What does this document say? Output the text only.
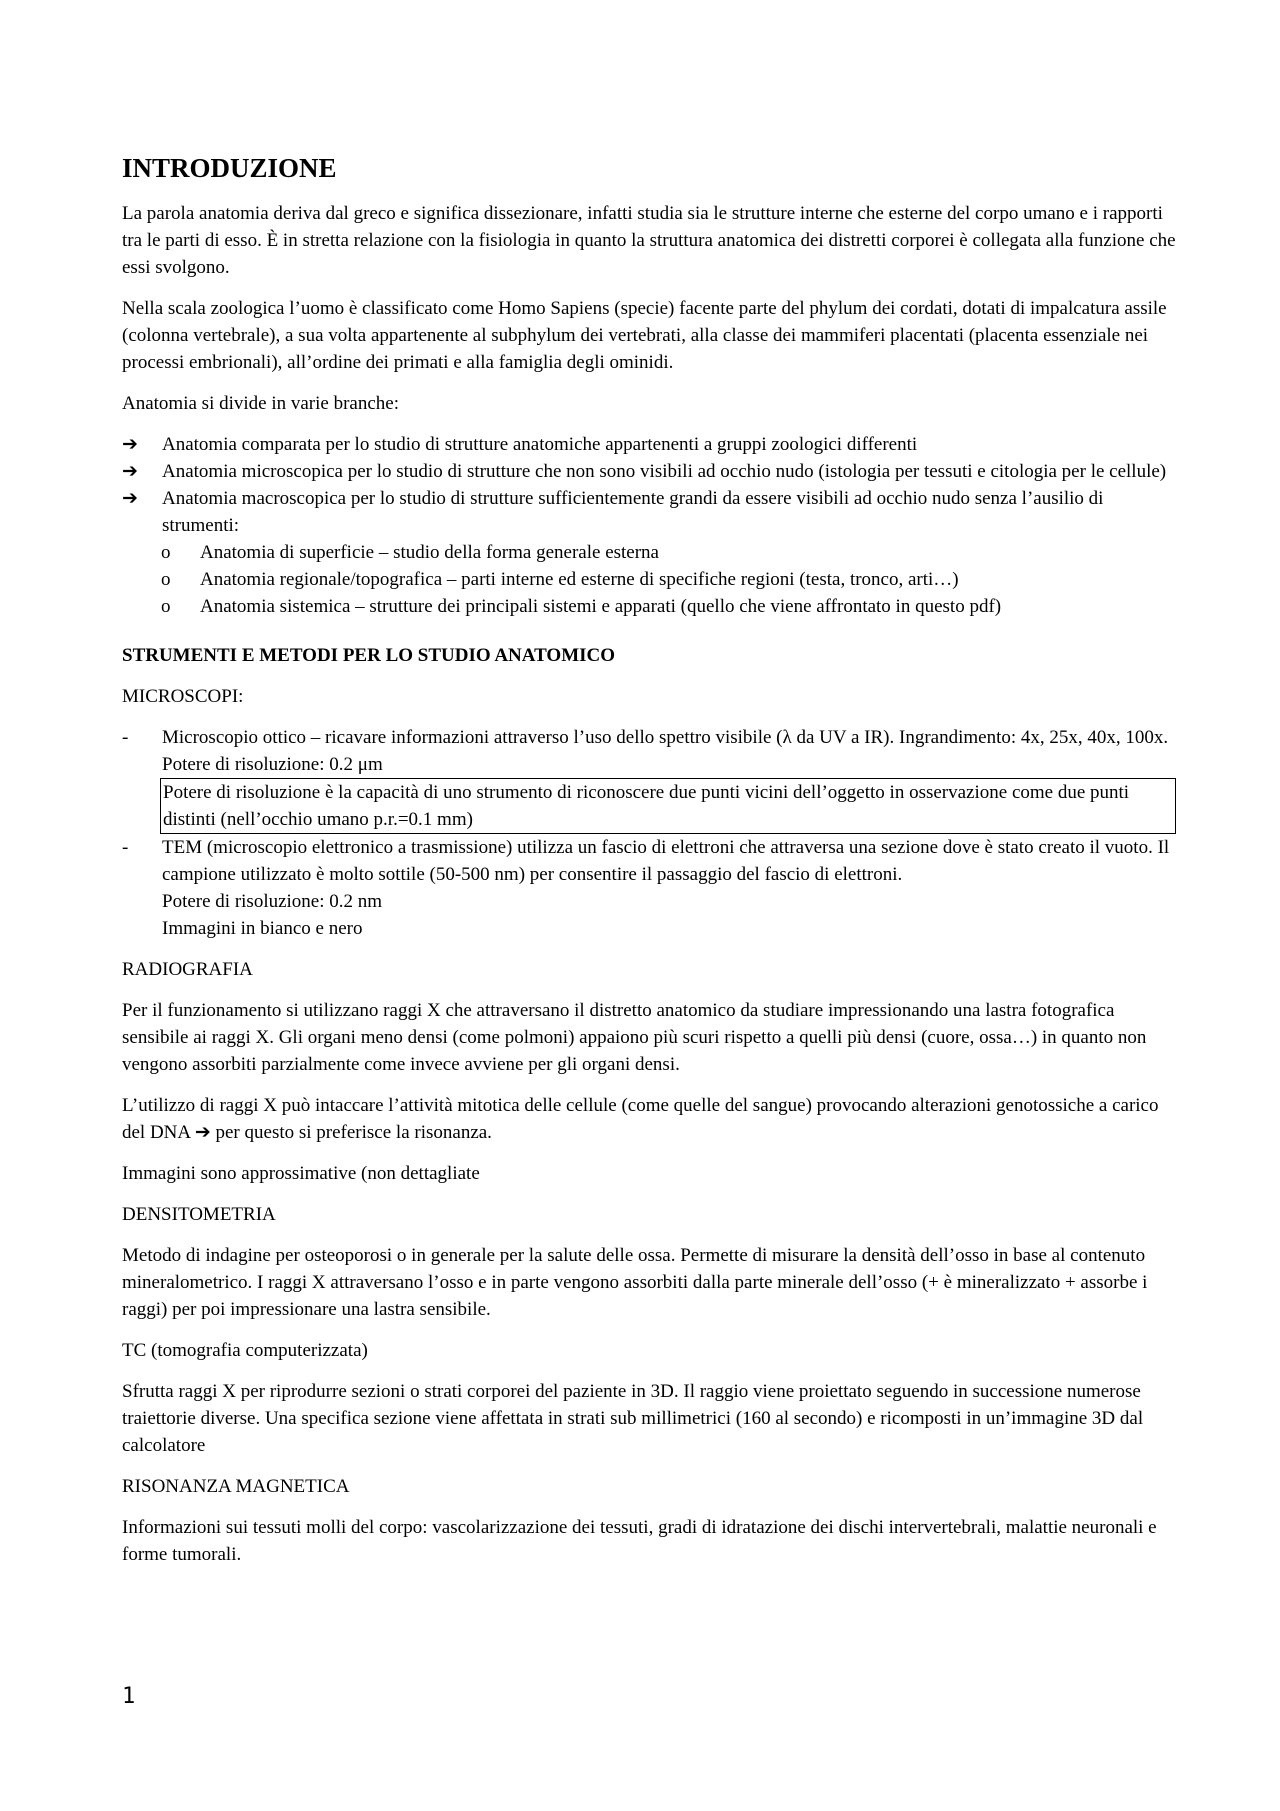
INTRODUZIONE

La parola anatomia deriva dal greco e significa dissezionare, infatti studia sia le strutture interne che esterne del corpo umano e i rapporti tra le parti di esso. È in stretta relazione con la fisiologia in quanto la struttura anatomica dei distretti corporei è collegata alla funzione che essi svolgono.

Nella scala zoologica l’uomo è classificato come Homo Sapiens (specie) facente parte del phylum dei cordati, dotati di impalcatura assile (colonna vertebrale), a sua volta appartenente al subphylum dei vertebrati, alla classe dei mammiferi placentati (placenta essenziale nei processi embrionali), all’ordine dei primati e alla famiglia degli ominidi.

Anatomia si divide in varie branche:

➔	Anatomia comparata per lo studio di strutture anatomiche appartenenti a gruppi zoologici differenti
➔	Anatomia microscopica per lo studio di strutture che non sono visibili ad occhio nudo (istologia per tessuti e citologia per le cellule)
➔	Anatomia macroscopica per lo studio di strutture sufficientemente grandi da essere visibili ad occhio nudo senza l’ausilio di strumenti:
o Anatomia di superficie – studio della forma generale esterna
o Anatomia regionale/topografica – parti interne ed esterne di specifiche regioni (testa, tronco, arti…)
o Anatomia sistemica – strutture dei principali sistemi e apparati (quello che viene affrontato in questo pdf)

STRUMENTI E METODI PER LO STUDIO ANATOMICO

MICROSCOPI:

- Microscopio ottico – ricavare informazioni attraverso l’uso dello spettro visibile (λ da UV a IR). Ingrandimento: 4x, 25x, 40x, 100x.
Potere di risoluzione: 0.2 μm
Potere di risoluzione è la capacità di uno strumento di riconoscere due punti vicini dell’oggetto in osservazione come due punti distinti (nell’occhio umano p.r.=0.1 mm)
- TEM (microscopio elettronico a trasmissione) utilizza un fascio di elettroni che attraversa una sezione dove è stato creato il vuoto. Il campione utilizzato è molto sottile (50-500 nm) per consentire il passaggio del fascio di elettroni.
Potere di risoluzione: 0.2 nm
Immagini in bianco e nero

RADIOGRAFIA

Per il funzionamento si utilizzano raggi X che attraversano il distretto anatomico da studiare impressionando una lastra fotografica sensibile ai raggi X. Gli organi meno densi (come polmoni) appaiono più scuri rispetto a quelli più densi (cuore, ossa…) in quanto non vengono assorbiti parzialmente come invece avviene per gli organi densi.

L’utilizzo di raggi X può intaccare l’attività mitotica delle cellule (come quelle del sangue) provocando alterazioni genotossiche a carico del DNA ➔ per questo si preferisce la risonanza.

Immagini sono approssimative (non dettagliate

DENSITOMETRIA

Metodo di indagine per osteoporosi o in generale per la salute delle ossa. Permette di misurare la densità dell’osso in base al contenuto mineralometrico. I raggi X attraversano l’osso e in parte vengono assorbiti dalla parte minerale dell’osso (+ è mineralizzato + assorbe i raggi) per poi impressionare una lastra sensibile.

TC (tomografia computerizzata)

Sfrutta raggi X per riprodurre sezioni o strati corporei del paziente in 3D. Il raggio viene proiettato seguendo in successione numerose traiettorie diverse. Una specifica sezione viene affettata in strati sub millimetrici (160 al secondo) e ricomposti in un’immagine 3D dal calcolatore

RISONANZA MAGNETICA

Informazioni sui tessuti molli del corpo: vascolarizzazione dei tessuti, gradi di idratazione dei dischi intervertebrali, malattie neuronali e forme tumorali.

1
